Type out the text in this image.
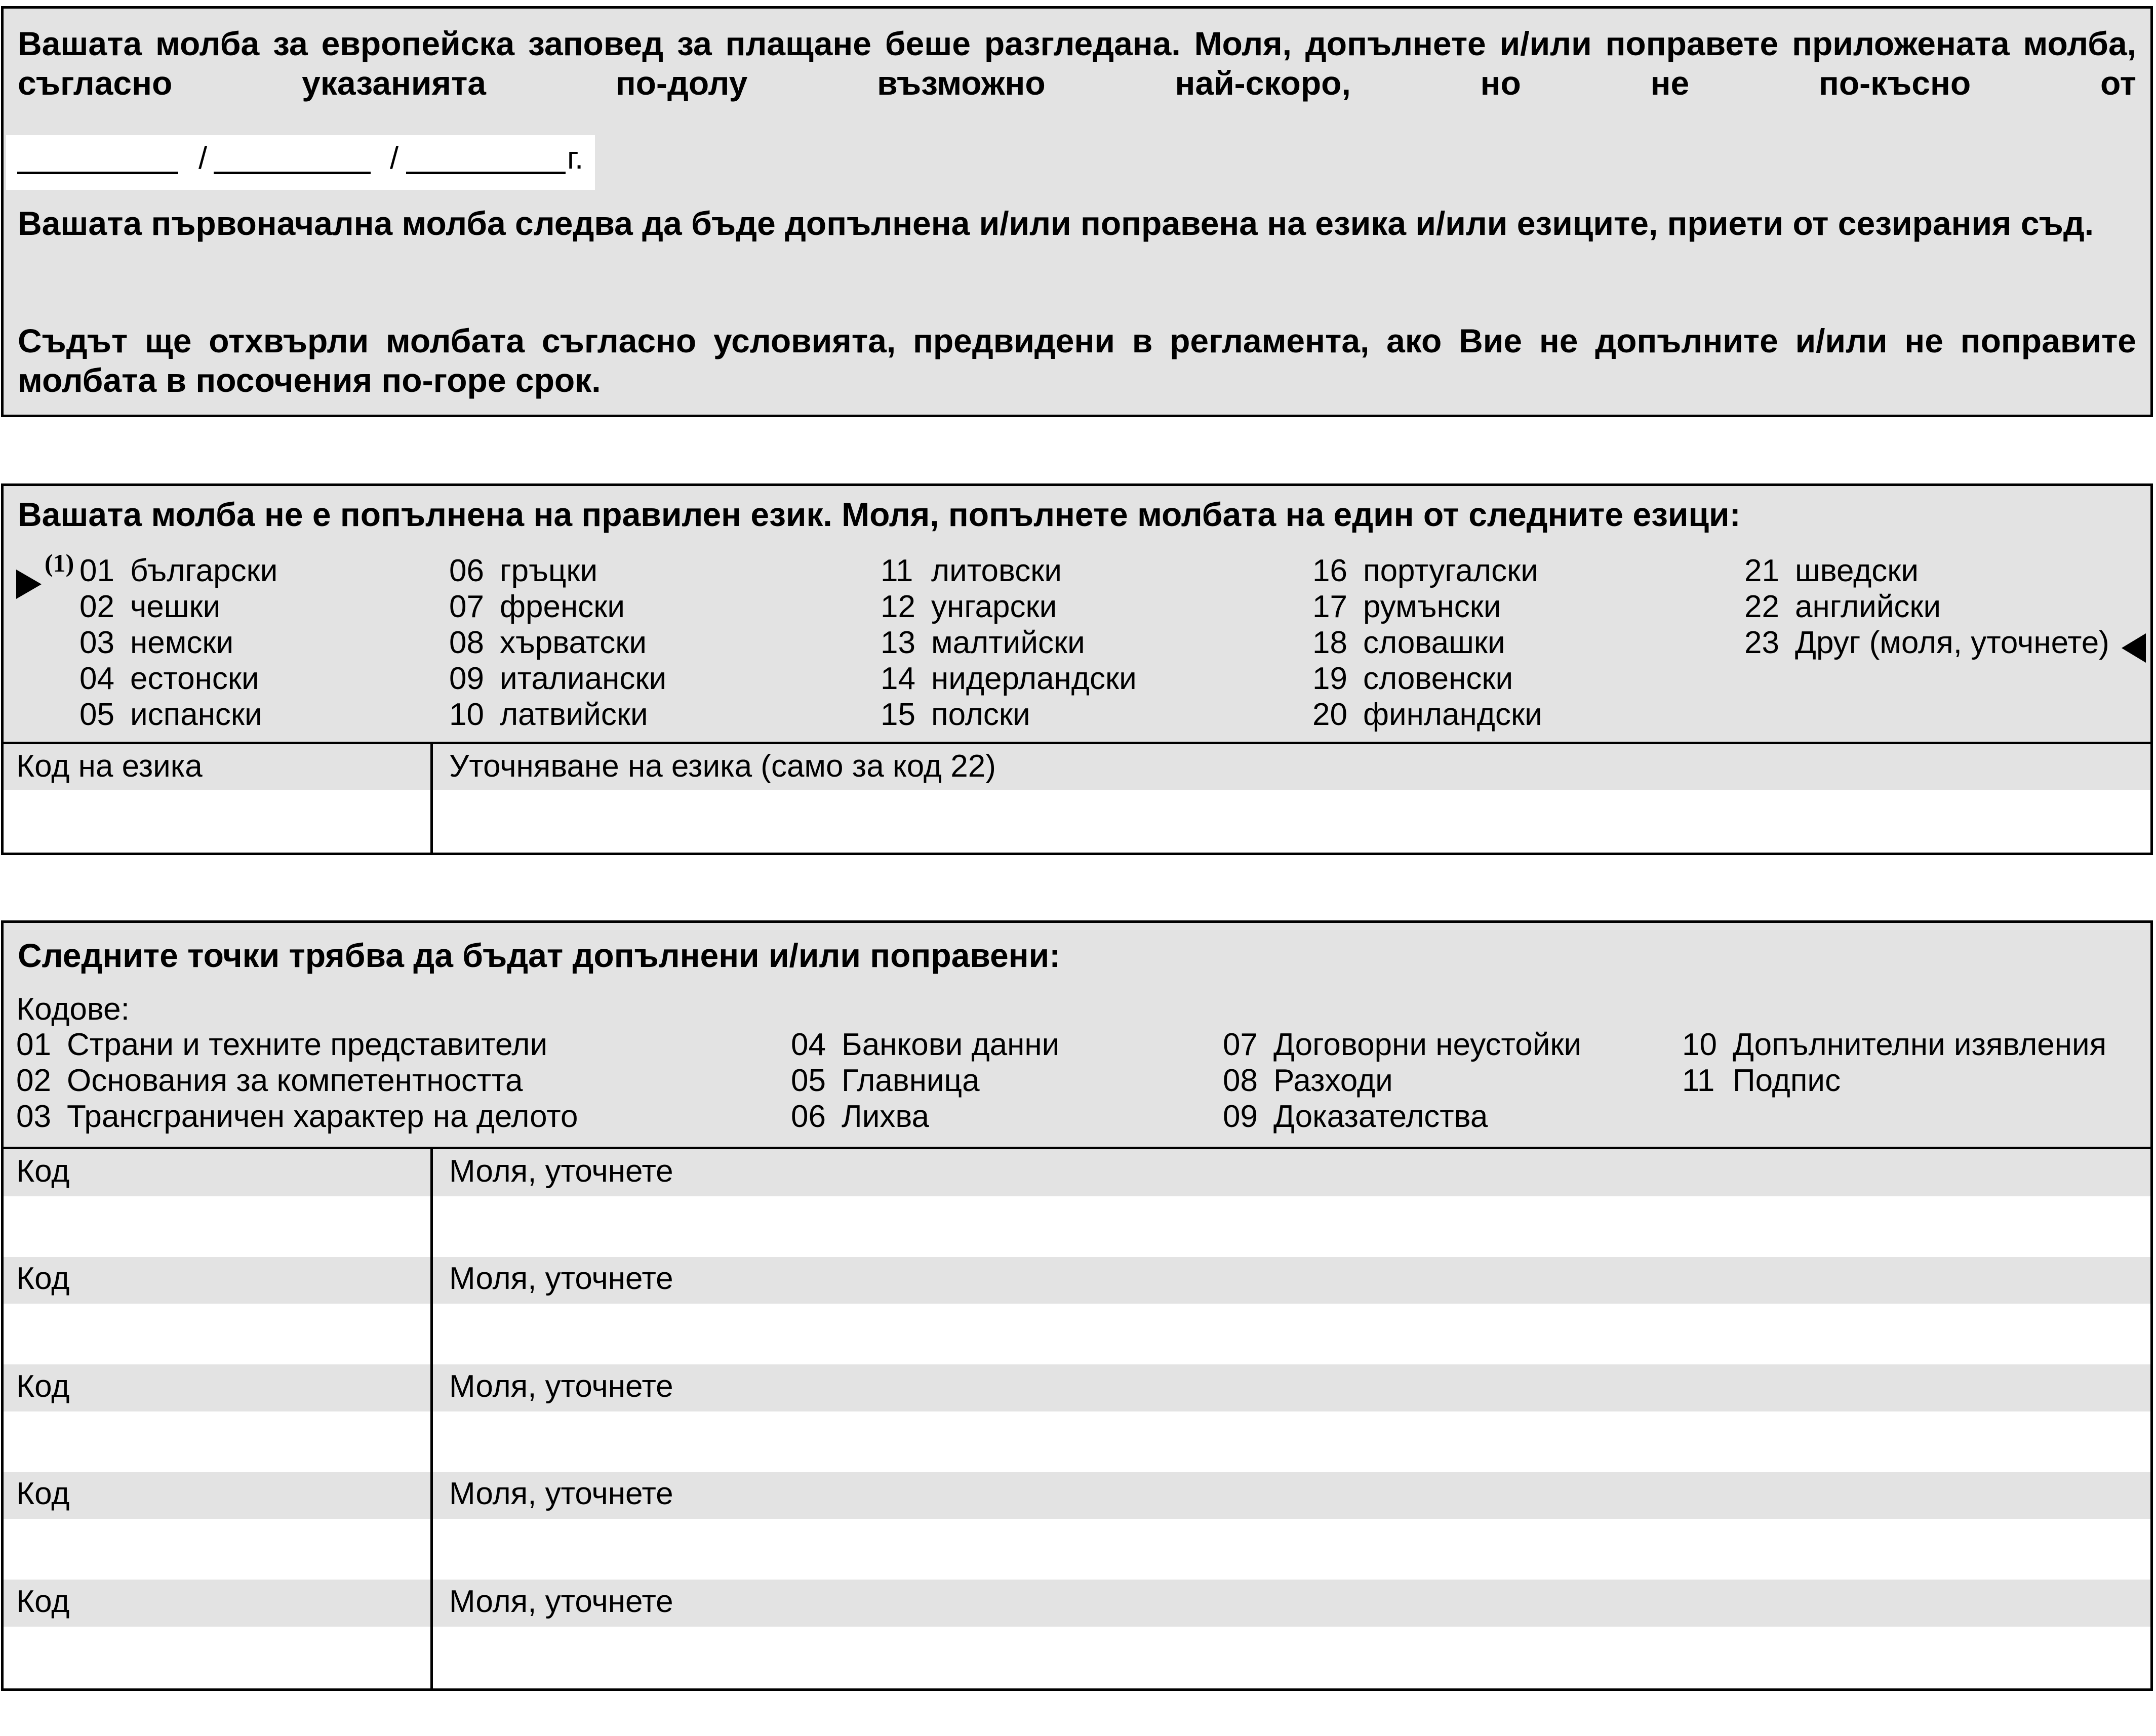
Вашата молба за европейска заповед за плащане беше разгледана. Моля, допълнете и/или поправете приложената молба, съгласно указанията по-долу възможно най-скоро, но не по-късно от
/	/	г.
Вашата първоначална молба следва да бъде допълнена и/или поправена на езика и/или езиците, приети от сезирания съд.
Съдът ще отхвърли молбата съгласно условията, предвидени в регламента, ако Вие не допълните и/или не поправите молбата в посочения по-горе срок.
Вашата молба не е попълнена на правилен език. Моля, попълнете молбата на един от следните езици:
01 български
02 чешки
03 немски
04 естонски
05 испански
06 гръцки
07 френски
08 хърватски
09 италиански
10 латвийски
11 литовски
12 унгарски
13 малтийски
14 нидерландски
15 полски
16 португалски
17 румънски
18 словашки
19 словенски
20 финландски
21 шведски
22 английски
23 Друг (моля, уточнете)
Код на езика	Уточняване на езика (само за код 22)
(1)
Следните точки трябва да бъдат допълнени и/или поправени:
Кодове:
01 Страни и техните представители
02 Основания за компетентността
03 Трансграничен характер на делото
04 Банкови данни
05 Главница
06 Лихва
07 Договорни неустойки
08 Разходи
09 Доказателства
10 Допълнителни изявления
11 Подпис
Код	Моля, уточнете
Код	Моля, уточнете
Код	Моля, уточнете
Код	Моля, уточнете
Код	Моля, уточнете
